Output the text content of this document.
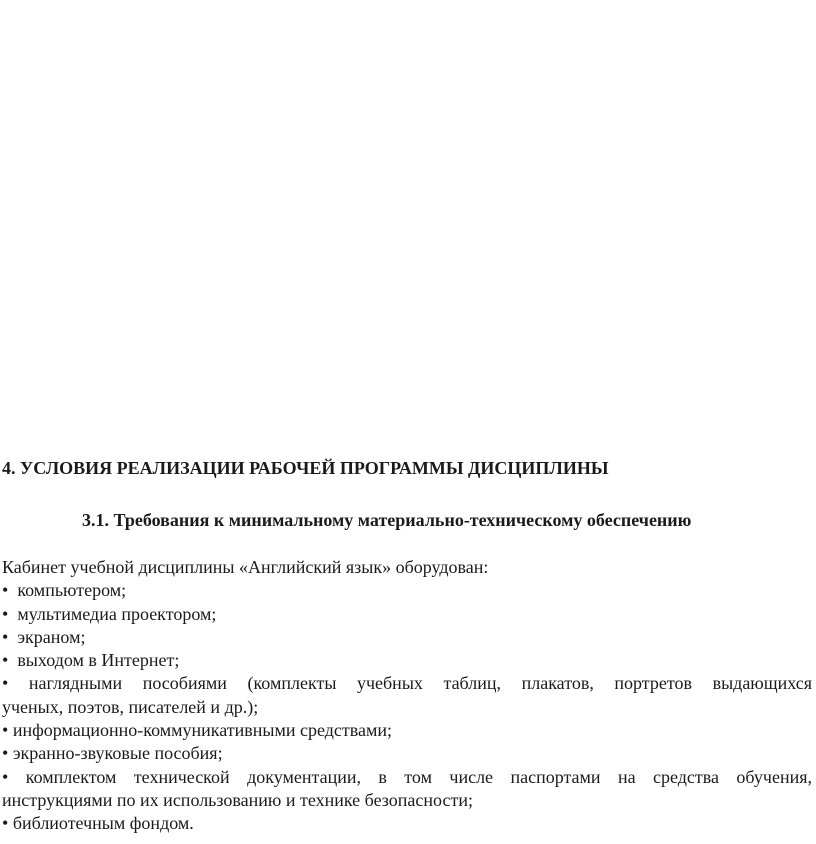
4. УСЛОВИЯ РЕАЛИЗАЦИИ РАБОЧЕЙ ПРОГРАММЫ ДИСЦИПЛИНЫ
3.1. Требования к минимальному материально-техническому обеспечению
Кабинет учебной дисциплины «Английский язык» оборудован:
• компьютером;
• мультимедиа проектором;
• экраном;
• выходом в Интернет;
• наглядными пособиями (комплекты учебных таблиц, плакатов, портретов выдающихся
ученых, поэтов, писателей и др.);
• информационно-коммуникативными средствами;
• экранно-звуковые пособия;
• комплектом технической документации, в том числе паспортами на средства обучения,
инструкциями по их использованию и технике безопасности;
• библиотечным фондом.
